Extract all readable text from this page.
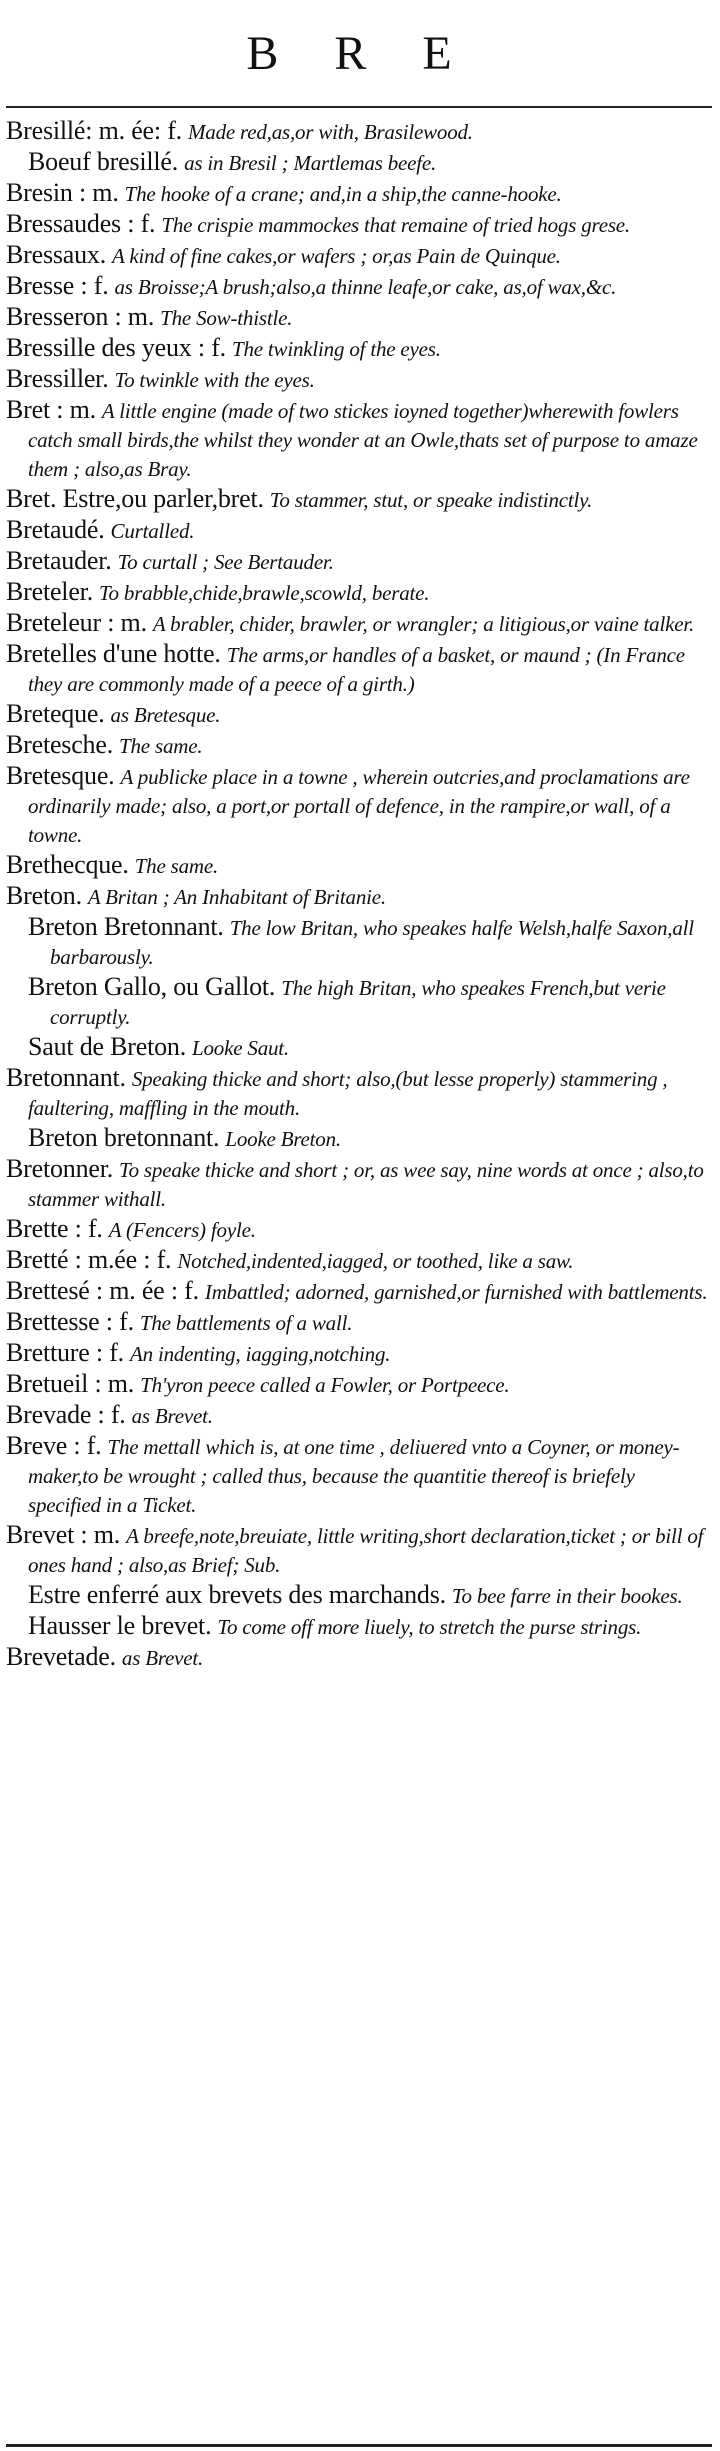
B R E

Bresillé: m. ée: f. Made red,as,or with, Brasilewood.

Boeuf bresillé. as in Bresil ; Martlemas beefe.

Bresin : m. The hooke of a crane; and,in a ship,the canne-hooke.

Bressaudes : f. The crispie mammockes that remaine of tried hogs grese.

Bressaux. A kind of fine cakes,or wafers ; or,as Pain de Quinque.

Bresse : f. as Broisse;A brush;also,a thinne leafe,or cake, as,of wax,&c.

Bresseron : m. The Sow-thistle.

Bressille des yeux : f. The twinkling of the eyes.

Bressiller. To twinkle with the eyes.

Bret : m. A little engine (made of two stickes ioyned together)wherewith fowlers catch small birds,the whilst they wonder at an Owle,thats set of purpose to amaze them ; also,as Bray.

Bret. Estre,ou parler,bret. To stammer, stut, or speake indistinctly.

Bretaudé. Curtalled.

Bretauder. To curtall ; See Bertauder.

Breteler. To brabble,chide,brawle,scowld, berate.

Breteleur : m. A brabler, chider, brawler, or wrangler; a litigious,or vaine talker.

Bretelles d'une hotte. The arms,or handles of a basket, or maund ; (In France they are commonly made of a peece of a girth.)

Breteque. as Bretesque.

Bretesche. The same.

Bretesque. A publicke place in a towne , wherein outcries,and proclamations are ordinarily made; also, a port,or portall of defence, in the rampire,or wall, of a towne.

Brethecque. The same.

Breton. A Britan ; An Inhabitant of Britanie.

Breton Bretonnant. The low Britan, who speakes halfe Welsh,halfe Saxon,all barbarously.

Breton Gallo, ou Gallot. The high Britan, who speakes French,but verie corruptly.

Saut de Breton. Looke Saut.

Bretonnant. Speaking thicke and short; also,(but lesse properly) stammering , faultering, maffling in the mouth.

Breton bretonnant. Looke Breton.

Bretonner. To speake thicke and short ; or, as wee say, nine words at once ; also,to stammer withall.

Brette : f. A (Fencers) foyle.

Bretté : m.ée : f. Notched,indented,iagged, or toothed, like a saw.

Brettesé : m. ée : f. Imbattled; adorned, garnished,or furnished with battlements.

Brettesse : f. The battlements of a wall.

Bretture : f. An indenting, iagging,notching.

Bretueil : m. Th'yron peece called a Fowler, or Portpeece.

Brevade : f. as Brevet.

Breve : f. The mettall which is, at one time , deliuered vnto a Coyner, or money-maker,to be wrought ; called thus, because the quantitie thereof is briefely specified in a Ticket.

Brevet : m. A breefe,note,breuiate, little writing,short declaration,ticket ; or bill of ones hand ; also,as Brief; Sub.

Estre enferré aux brevets des marchands. To bee farre in their bookes.

Hausser le brevet. To come off more liuely, to stretch the purse strings.

Brevetade. as Brevet.
